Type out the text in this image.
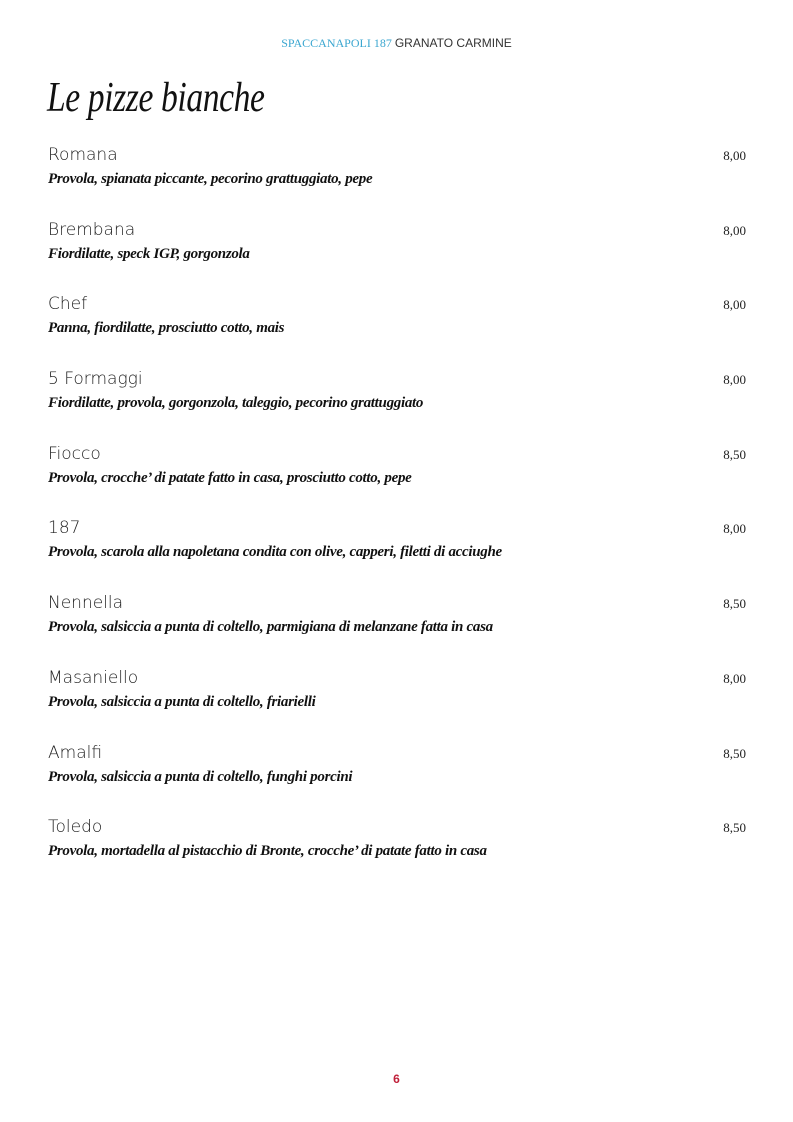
SPACCANAPOLI 187 GRANATO CARMINE
Le pizze bianche
Romana	8,00
Provola, spianata piccante, pecorino grattuggiato, pepe
Brembana	8,00
Fiordilatte, speck IGP, gorgonzola
Chef	8,00
Panna, fiordilatte, prosciutto cotto, mais
5 Formaggi	8,00
Fiordilatte, provola, gorgonzola, taleggio, pecorino grattuggiato
Fiocco	8,50
Provola, crocche’ di patate fatto in casa, prosciutto cotto, pepe
187	8,00
Provola, scarola alla napoletana condita con olive, capperi, filetti di acciughe
Nennella	8,50
Provola, salsiccia a punta di coltello, parmigiana di melanzane fatta in casa
Masaniello	8,00
Provola, salsiccia a punta di coltello, friarielli
Amalfi	8,50
Provola, salsiccia a punta di coltello, funghi porcini
Toledo	8,50
Provola, mortadella al pistacchio di Bronte, crocche’ di patate fatto in casa
6
